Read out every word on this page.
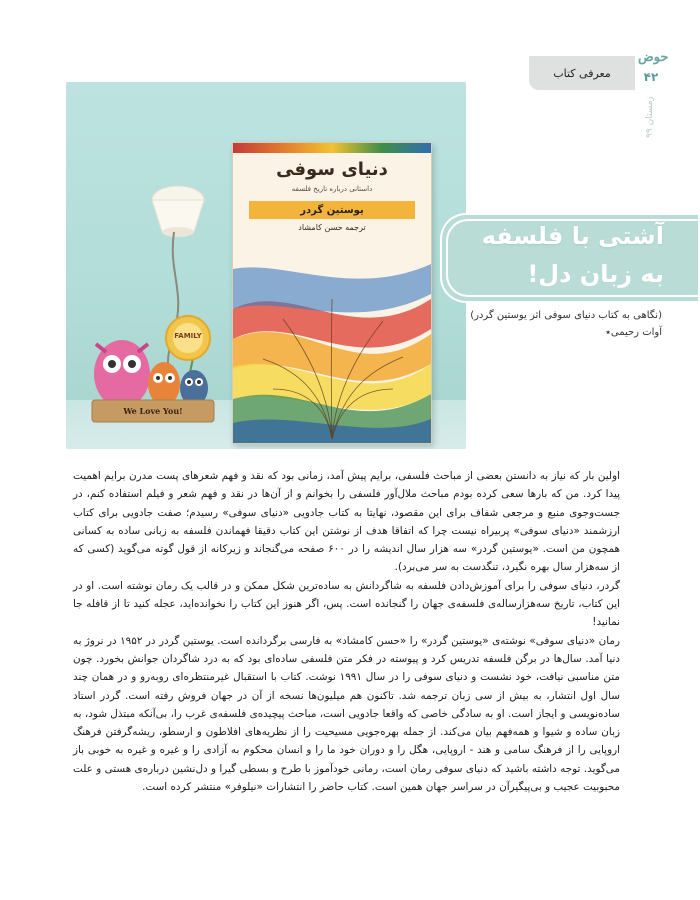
معرفی کتاب
حوض
۴۲
زمستان ۹۹
FAMILY
We Love You!
دنیای سوفی
داستانی درباره تاریخ فلسفه
یوستین گردر
ترجمه حسن کامشاد	آشتی با فلسفه
به زبان دل!
(نگاهی به کتاب دنیای سوفی اثر یوستین گردر)
آوات رحیمی٭

اولین بار که نیاز به دانستن بعضی از مباحث فلسفی، برایم پیش آمد، زمانی بود که نقد و فهم شعرهای پست مدرن برایم اهمیت پیدا کرد. من که بارها سعی کرده بودم مباحث ملال‌آور فلسفی را بخوانم و از آن‌ها در نقد و فهم شعر و فیلم استفاده کنم، در جست‌وجوی منبع و مرجعی شفاف برای این مقصود، نهایتا به کتاب جادویی «دنیای سوفی» رسیدم؛ صفت جادویی برای کتاب ارزشمند «دنیای سوفی» پربیراه نیست چرا که اتفاقا هدف از نوشتن این کتاب دقیقا فهماندن فلسفه به زبانی ساده به کسانی همچون من است. «یوستین گردر» سه هزار سال اندیشه را در ۶۰۰ صفحه می‌گنجاند و زیرکانه از قول گوته می‌گوید (کسی که از سه‌هزار سال بهره نگیرد، تنگدست به سر می‌برد).

گردر، دنیای سوفی را برای آموزش‌دادن فلسفه به شاگردانش به ساده‌ترین شکل ممکن و در قالب یک رمان نوشته است. او در این کتاب، تاریخ سه‌هزارساله‌ی فلسفه‌ی جهان را گنجانده است. پس، اگر هنوز این کتاب را نخوانده‌اید، عجله کنید تا از قافله جا نمانید!

رمان «دنیای سوفی» نوشته‌ی «یوستین گردر» را «حسن کامشاد» به فارسی برگردانده است. یوستین گردر در ۱۹۵۲ در نروژ به دنیا آمد. سال‌ها در برگن فلسفه تدریس کرد و پیوسته در فکر متن فلسفی ساده‌ای بود که به درد شاگردان جوانش بخورد. چون متن مناسبی نیافت، خود نشست و دنیای سوفی را در سال ۱۹۹۱ نوشت. کتاب با استقبال غیرمنتظره‌ای روبه‌رو و در همان چند سال اول انتشار، به بیش از سی زبان ترجمه شد. تاکنون هم میلیون‌ها نسخه از آن در جهان فروش رفته است. گردر استاد ساده‌نویسی و ایجاز است. او به سادگی خاصی که واقعا جادویی است، مباحث پیچیده‌ی فلسفه‌ی غرب را، بی‌آنکه مبتذل شود، به زبان ساده و شیوا و همه‌فهم بیان می‌کند. از جمله بهره‌جویی مسیحیت را از نظریه‌های افلاطون و ارسطو، ریشه‌گرفتن فرهنگ اروپایی را از فرهنگ سامی و هند - اروپایی، هگل را و دوران خود ما را و انسان محکوم به آزادی را و غیره و غیره به خوبی باز می‌گوید. توجه داشته باشید که دنیای سوفی رمان است، رمانی خودآموز با طرح و بسطی گیرا و دل‌نشین درباره‌ی هستی و علت محبوبیت عجیب و بی‌پیگیرآن در سراسر جهان همین است. کتاب حاضر را انتشارات «نیلوفر» منتشر کرده است.
